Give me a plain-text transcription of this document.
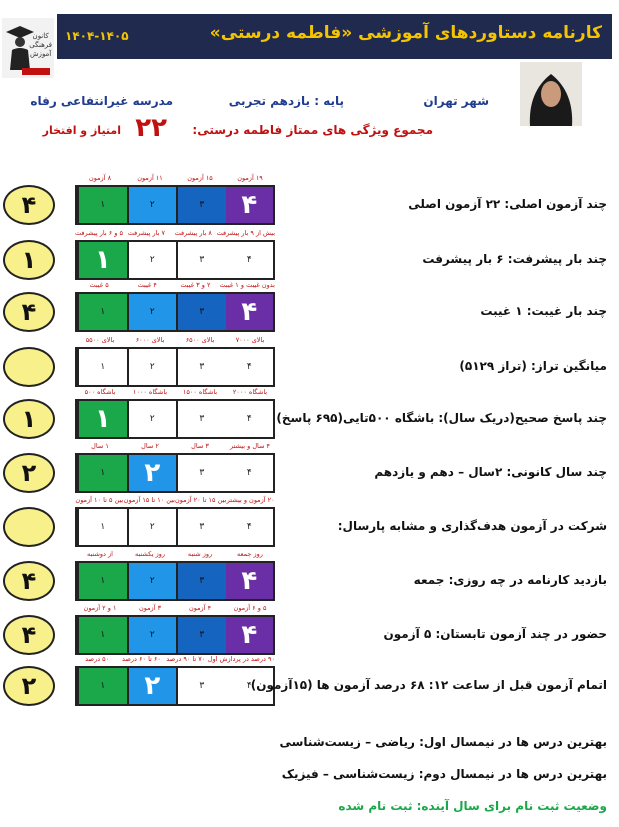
کارنامه دستاوردهای آموزشی «فاطمه درستی»
۱۴۰۴-۱۴۰۵
کانون
فرهنگی
آموزش
شهر تهران
پایه : یازدهم تجربی
مدرسه غیرانتفاعی رفاه
مجموع ویژگی های ممتاز فاطمه درستی:
۲۲
امتیاز و افتخار
۸ آزمون	۱۱ آزمون	۱۵ آزمون	۱۹ آزمون
۱	۲	۳	۴
۴	چند آزمون اصلی: ۲۲ آزمون اصلی
۵ و ۶ بار پیشرفت ۷ بار پیشرفت	۸ بار پیشرفت بیش از ۹ بار پیشرفت
۱	۲	۳	۴
۱	چند بار پیشرفت: ۶ بار پیشرفت
۵ غیبت	۴ غیبت	۲ و ۳ غیبت	بدون غیبت و ۱ غیبت
۱	۲	۳	۴
۴	چند بار غیبت: ۱ غیبت
بالای ۵۵۰۰	بالای ۶۰۰۰	بالای ۶۵۰۰	بالای ۷۰۰۰
۱	۲	۳	۴	میانگین تراز: (تراز ۵۱۲۹)
باشگاه ۵۰۰	باشگاه ۱۰۰۰	باشگاه ۱۵۰۰	باشگاه ۲۰۰۰
۱	۲	۳	۴
۱	چند پاسخ صحیح(دریک سال): باشگاه ۵۰۰تایی(۶۹۵ پاسخ)
۱ سال	۲ سال	۳ سال	۴ سال و بیشتر
۱	۲	۳	۴
۲	چند سال کانونی: ۲سال – دهم و یازدهم
بین ۵ تا ۱۰ آزمون بین ۱۰ تا ۱۵ آزمون بین ۱۵ تا ۲۰ آزمون ۲۰ آزمون و بیشتر
۱	۲	۳	۴	شرکت در آزمون هدف‌گذاری و مشابه پارسال:
از دوشنبه	روز یکشنبه	روز شنبه	روز جمعه
۱	۲	۳	۴
۴	بازدید کارنامه در چه روزی: جمعه
۱ و ۲ آزمون	۳ آزمون	۴ آزمون	۵ و ۶ آزمون
۱	۲	۳	۴
۴	حضور در چند آزمون تابستان: ۵ آزمون
۵۰ درصد	۶۰ تا ۶۰ درصد ۷۰ تا ۹۰ درصد ۹۰ درصد در پردازش اول
۱	۲	۳	۴
۲	اتمام آزمون قبل از ساعت ۱۲: ۶۸ درصد آزمون ها (۱۵آزمون)
بهترین درس ها در نیمسال اول: ریاضی – زیست‌شناسی
بهترین درس ها در نیمسال دوم: زیست‌شناسی – فیزیک
وضعیت ثبت نام برای سال آینده: ثبت نام شده
